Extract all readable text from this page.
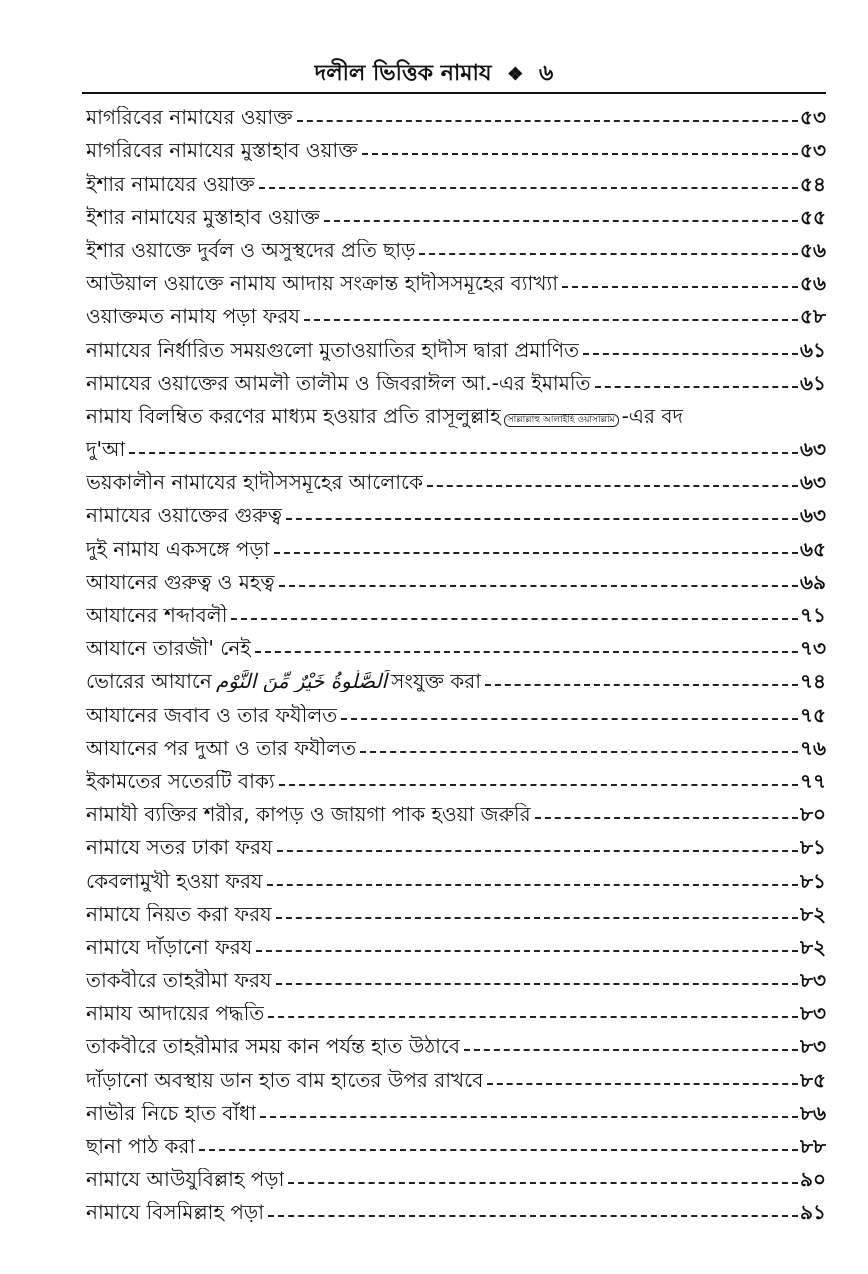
দলীল ভিত্তিক নামায ❖ ৬
মাগরিবের নামাযের ওয়াক্ত	৫৩
মাগরিবের নামাযের মুস্তাহাব ওয়াক্ত	৫৩
ইশার নামাযের ওয়াক্ত	৫৪
ইশার নামাযের মুস্তাহাব ওয়াক্ত	৫৫
ইশার ওয়াক্তে দুর্বল ও অসুস্থদের প্রতি ছাড়	৫৬
আউয়াল ওয়াক্তে নামায আদায় সংক্রান্ত হাদীসসমূহের ব্যাখ্যা	৫৬
ওয়াক্তমত নামায পড়া ফরয	৫৮
নামাযের নির্ধারিত সময়গুলো মুতাওয়াতির হাদীস দ্বারা প্রমাণিত	৬১
নামাযের ওয়াক্তের আমলী তালীম ও জিবরাঈল আ.-এর ইমামতি	৬১
নামায বিলম্বিত করণের মাধ্যম হওয়ার প্রতি রাসূলুল্লাহ সাল্লাল্লাহু আলাইহি ওয়াসাল্লাম -এর বদ
দু'আ	৬৩
ভয়কালীন নামাযের হাদীসসমূহের আলোকে	৬৩
নামাযের ওয়াক্তের গুরুত্ব	৬৩
দুই নামায একসঙ্গে পড়া	৬৫
আযানের গুরুত্ব ও মহত্ব	৬৯
আযানের শব্দাবলী	৭১
আযানে তারজী' নেই	৭৩
ভোরের আযানে اَلصَّلٰوةُ خَيْرٌ مِّنَ النَّوْمِ সংযুক্ত করা	৭৪
আযানের জবাব ও তার ফযীলত	৭৫
আযানের পর দুআ ও তার ফযীলত	৭৬
ইকামতের সতেরটি বাক্য	৭৭
নামাযী ব্যক্তির শরীর, কাপড় ও জায়গা পাক হওয়া জরুরি	৮০
নামাযে সতর ঢাকা ফরয	৮১
কেবলামুখী হওয়া ফরয	৮১
নামাযে নিয়ত করা ফরয	৮২
নামাযে দাঁড়ানো ফরয	৮২
তাকবীরে তাহরীমা ফরয	৮৩
নামায আদায়ের পদ্ধতি	৮৩
তাকবীরে তাহরীমার সময় কান পর্যন্ত হাত উঠাবে	৮৩
দাঁড়ানো অবস্থায় ডান হাত বাম হাতের উপর রাখবে	৮৫
নাভীর নিচে হাত বাঁধা	৮৬
ছানা পাঠ করা	৮৮
নামাযে আউযুবিল্লাহ পড়া	৯০
নামাযে বিসমিল্লাহ পড়া	৯১
